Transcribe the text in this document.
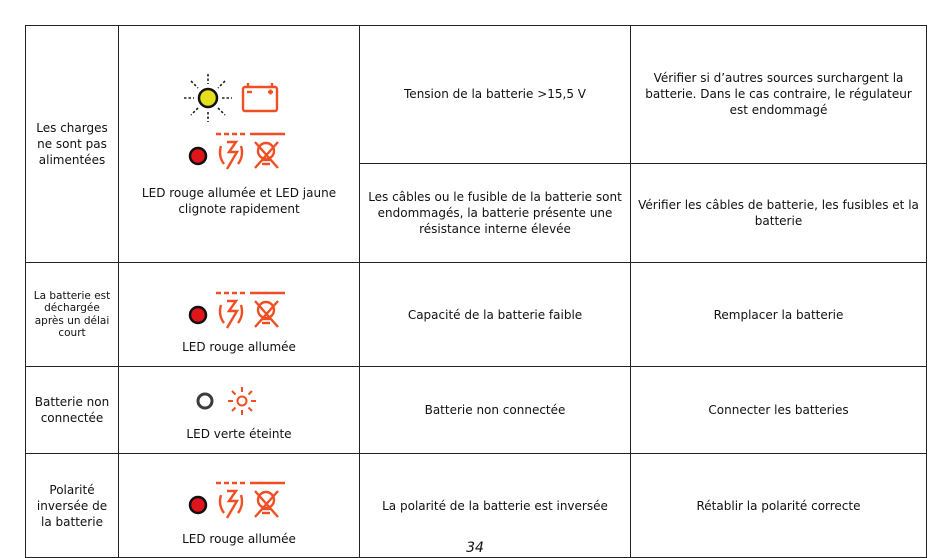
Les charges ne sont pas alimentées	LED rouge allumée et LED jaune clignote rapidement	Tension de la batterie >15,5 V	Vérifier si d’autres sources surchargent la batterie. Dans le cas contraire, le régulateur est endommagé
		Les câbles ou le fusible de la batterie sont endommagés, la batterie présente une résistance interne élevée	Vérifier les câbles de batterie, les fusibles et la batterie
La batterie est déchargée après un délai court	LED rouge allumée	Capacité de la batterie faible	Remplacer la batterie
Batterie non connectée	LED verte éteinte	Batterie non connectée	Connecter les batteries
Polarité inversée de la batterie	LED rouge allumée	La polarité de la batterie est inversée	Rétablir la polarité correcte
34
